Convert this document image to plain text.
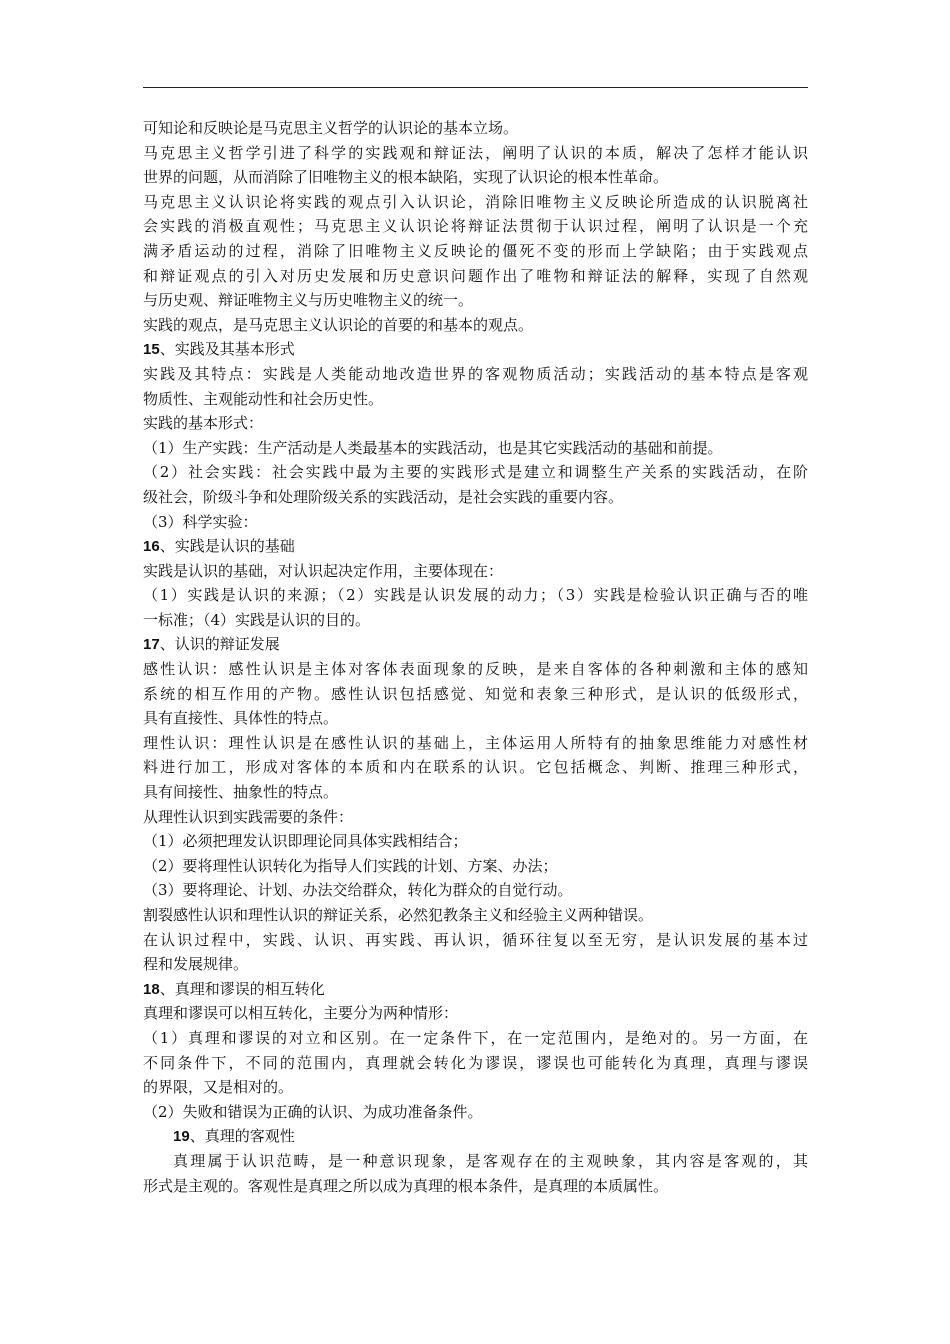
可知论和反映论是马克思主义哲学的认识论的基本立场。
马克思主义哲学引进了科学的实践观和辩证法，阐明了认识的本质，解决了怎样才能认识
世界的问题，从而消除了旧唯物主义的根本缺陷，实现了认识论的根本性革命。
马克思主义认识论将实践的观点引入认识论，消除旧唯物主义反映论所造成的认识脱离社
会实践的消极直观性；马克思主义认识论将辩证法贯彻于认识过程，阐明了认识是一个充
满矛盾运动的过程，消除了旧唯物主义反映论的僵死不变的形而上学缺陷；由于实践观点
和辩证观点的引入对历史发展和历史意识问题作出了唯物和辩证法的解释，实现了自然观
与历史观、辩证唯物主义与历史唯物主义的统一。
实践的观点，是马克思主义认识论的首要的和基本的观点。
15、实践及其基本形式
实践及其特点：实践是人类能动地改造世界的客观物质活动；实践活动的基本特点是客观
物质性、主观能动性和社会历史性。
实践的基本形式：
（1）生产实践：生产活动是人类最基本的实践活动，也是其它实践活动的基础和前提。
（2）社会实践：社会实践中最为主要的实践形式是建立和调整生产关系的实践活动，在阶
级社会，阶级斗争和处理阶级关系的实践活动，是社会实践的重要内容。
（3）科学实验：
16、实践是认识的基础
实践是认识的基础，对认识起决定作用，主要体现在：
（1）实践是认识的来源；（2）实践是认识发展的动力；（3）实践是检验认识正确与否的唯
一标准；（4）实践是认识的目的。
17、认识的辩证发展
感性认识：感性认识是主体对客体表面现象的反映，是来自客体的各种刺激和主体的感知
系统的相互作用的产物。感性认识包括感觉、知觉和表象三种形式，是认识的低级形式，
具有直接性、具体性的特点。
理性认识：理性认识是在感性认识的基础上，主体运用人所特有的抽象思维能力对感性材
料进行加工，形成对客体的本质和内在联系的认识。它包括概念、判断、推理三种形式，
具有间接性、抽象性的特点。
从理性认识到实践需要的条件：
（1）必须把理发认识即理论同具体实践相结合；
（2）要将理性认识转化为指导人们实践的计划、方案、办法；
（3）要将理论、计划、办法交给群众，转化为群众的自觉行动。
割裂感性认识和理性认识的辩证关系，必然犯教条主义和经验主义两种错误。
在认识过程中，实践、认识、再实践、再认识，循环往复以至无穷，是认识发展的基本过
程和发展规律。
18、真理和谬误的相互转化
真理和谬误可以相互转化，主要分为两种情形：
（1）真理和谬误的对立和区别。在一定条件下，在一定范围内，是绝对的。另一方面，在
不同条件下，不同的范围内，真理就会转化为谬误，谬误也可能转化为真理，真理与谬误
的界限，又是相对的。
（2）失败和错误为正确的认识、为成功准备条件。
19、真理的客观性
真理属于认识范畴，是一种意识现象，是客观存在的主观映象，其内容是客观的，其
形式是主观的。客观性是真理之所以成为真理的根本条件，是真理的本质属性。
